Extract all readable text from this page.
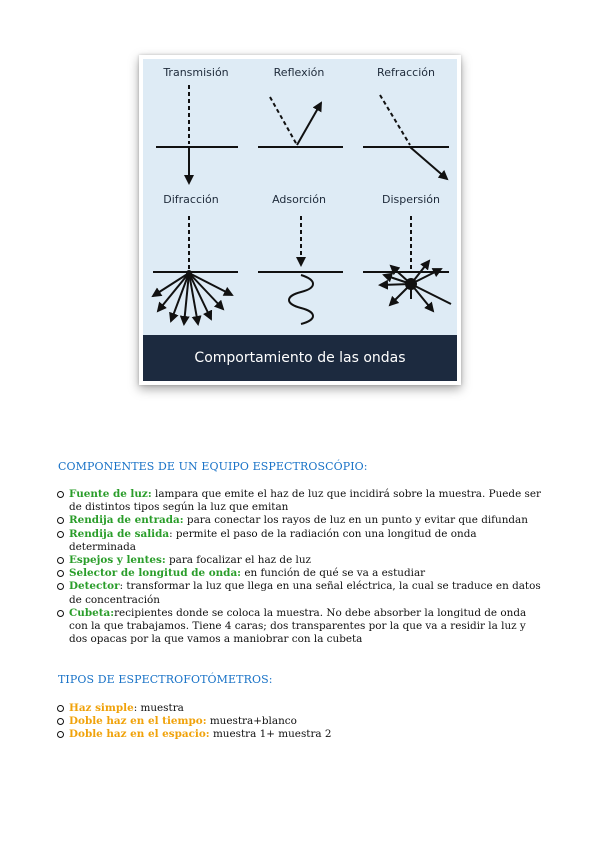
Transmisión	Reflexión	Refracción
Difracción	Adsorción	Dispersión
Comportamiento de las ondas
COMPONENTES DE UN EQUIPO ESPECTROSCÓPIO:
Fuente de luz: lampara que emite el haz de luz que incidirá sobre la muestra. Puede ser de distintos tipos según la luz que emitan
Rendija de entrada: para conectar los rayos de luz en un punto y evitar que difundan
Rendija de salida: permite el paso de la radiación con una longitud de onda determinada
Espejos y lentes: para focalizar el haz de luz
Selector de longitud de onda: en función de qué se va a estudiar
Detector: transformar la luz que llega en una señal eléctrica, la cual se traduce en datos de concentración
Cubeta:recipientes donde se coloca la muestra. No debe absorber la longitud de onda con la que trabajamos. Tiene 4 caras; dos transparentes por la que va a residir la luz y dos opacas por la que vamos a maniobrar con la cubeta
TIPOS DE ESPECTROFOTÓMETROS:
Haz simple: muestra
Doble haz en el tiempo: muestra+blanco
Doble haz en el espacio: muestra 1+ muestra 2
